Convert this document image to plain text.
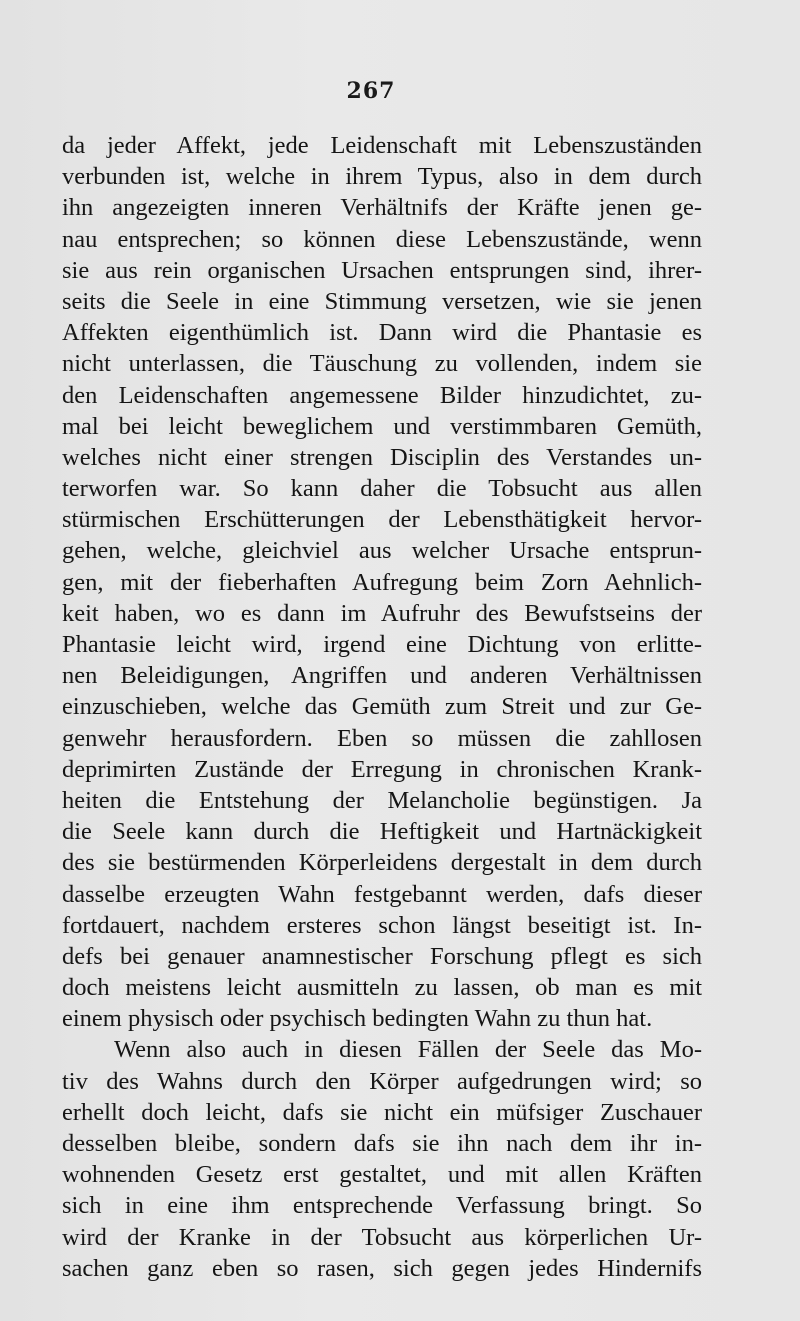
267
da jeder Affekt, jede Leidenschaft mit Lebenszuständen
verbunden ist, welche in ihrem Typus, also in dem durch
ihn angezeigten inneren Verhältnifs der Kräfte jenen ge-
nau entsprechen; so können diese Lebenszustände, wenn
sie aus rein organischen Ursachen entsprungen sind, ihrer-
seits die Seele in eine Stimmung versetzen, wie sie jenen
Affekten eigenthümlich ist. Dann wird die Phantasie es
nicht unterlassen, die Täuschung zu vollenden, indem sie
den Leidenschaften angemessene Bilder hinzudichtet, zu-
mal bei leicht beweglichem und verstimmbaren Gemüth,
welches nicht einer strengen Disciplin des Verstandes un-
terworfen war. So kann daher die Tobsucht aus allen
stürmischen Erschütterungen der Lebensthätigkeit hervor-
gehen, welche, gleichviel aus welcher Ursache entsprun-
gen, mit der fieberhaften Aufregung beim Zorn Aehnlich-
keit haben, wo es dann im Aufruhr des Bewufstseins der
Phantasie leicht wird, irgend eine Dichtung von erlitte-
nen Beleidigungen, Angriffen und anderen Verhältnissen
einzuschieben, welche das Gemüth zum Streit und zur Ge-
genwehr herausfordern. Eben so müssen die zahllosen
deprimirten Zustände der Erregung in chronischen Krank-
heiten die Entstehung der Melancholie begünstigen. Ja
die Seele kann durch die Heftigkeit und Hartnäckigkeit
des sie bestürmenden Körperleidens dergestalt in dem durch
dasselbe erzeugten Wahn festgebannt werden, dafs dieser
fortdauert, nachdem ersteres schon längst beseitigt ist. In-
defs bei genauer anamnestischer Forschung pflegt es sich
doch meistens leicht ausmitteln zu lassen, ob man es mit
einem physisch oder psychisch bedingten Wahn zu thun hat.
Wenn also auch in diesen Fällen der Seele das Mo-
tiv des Wahns durch den Körper aufgedrungen wird; so
erhellt doch leicht, dafs sie nicht ein müfsiger Zuschauer
desselben bleibe, sondern dafs sie ihn nach dem ihr in-
wohnenden Gesetz erst gestaltet, und mit allen Kräften
sich in eine ihm entsprechende Verfassung bringt. So
wird der Kranke in der Tobsucht aus körperlichen Ur-
sachen ganz eben so rasen, sich gegen jedes Hindernifs
